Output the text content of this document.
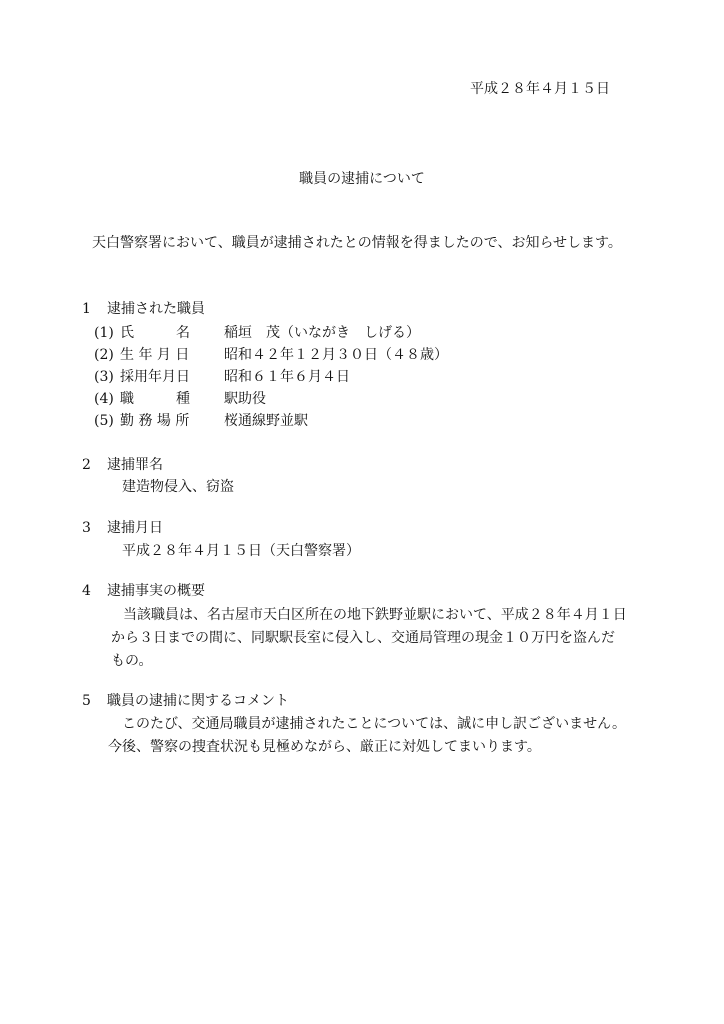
平成２８年４月１５日
職員の逮捕について
天白警察署において、職員が逮捕されたとの情報を得ましたので、お知らせします。
1 逮捕された職員
(1) 氏　　　名 稲垣　茂（いながき　しげる）
(2) 生 年 月 日 昭和４２年１２月３０日（４８歳）
(3) 採用年月日 昭和６１年６月４日
(4) 職　　　種 駅助役
(5) 勤 務 場 所 桜通線野並駅
2 逮捕罪名
建造物侵入、窃盗
3 逮捕月日
平成２８年４月１５日（天白警察署）
4 逮捕事実の概要
当該職員は、名古屋市天白区所在の地下鉄野並駅において、平成２８年４月１日
から３日までの間に、同駅駅長室に侵入し、交通局管理の現金１０万円を盗んだ
もの。
5 職員の逮捕に関するコメント
このたび、交通局職員が逮捕されたことについては、誠に申し訳ございません。
今後、警察の捜査状況も見極めながら、厳正に対処してまいります。
